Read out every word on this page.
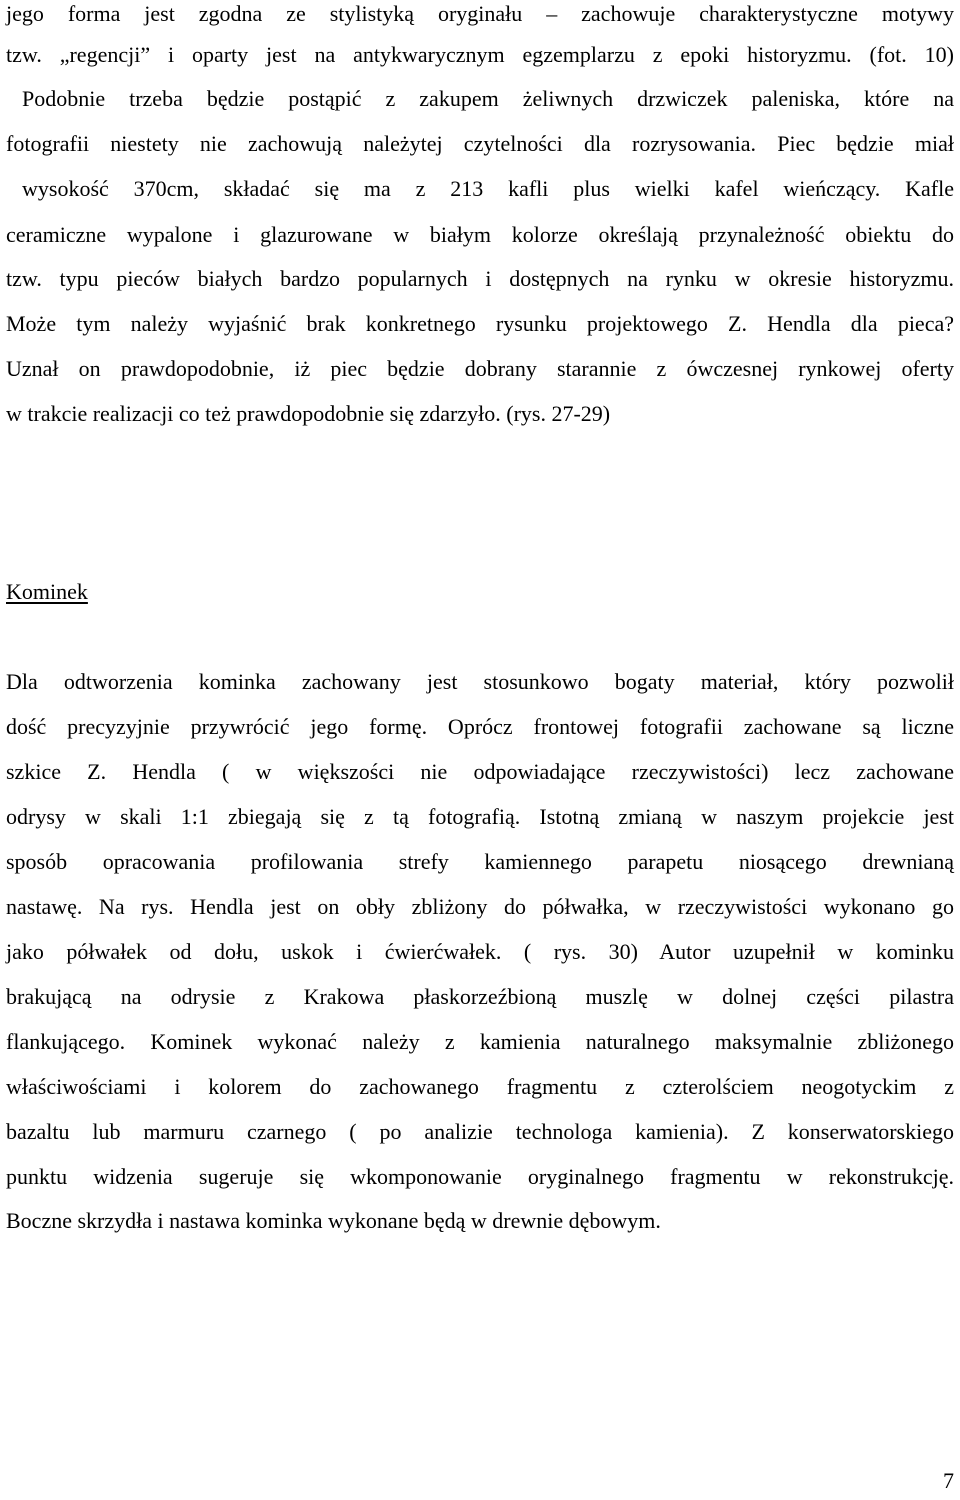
jego forma jest zgodna ze stylistyką oryginału – zachowuje charakterystyczne motywy
tzw. „regencji” i oparty jest na antykwarycznym egzemplarzu z epoki historyzmu. (fot. 10)
Podobnie trzeba będzie postąpić z zakupem żeliwnych drzwiczek paleniska, które na
fotografii niestety nie zachowują należytej czytelności dla rozrysowania. Piec będzie miał
wysokość 370cm, składać się ma z 213 kafli plus wielki kafel wieńczący. Kafle
ceramiczne wypalone i glazurowane w białym kolorze określają przynależność obiektu do
tzw. typu pieców białych bardzo popularnych i dostępnych na rynku w okresie historyzmu.
Może tym należy wyjaśnić brak konkretnego rysunku projektowego Z. Hendla dla pieca?
Uznał on prawdopodobnie, iż piec będzie dobrany starannie z ówczesnej rynkowej oferty
w trakcie realizacji co też prawdopodobnie się zdarzyło. (rys. 27-29)
Kominek
Dla odtworzenia kominka zachowany jest stosunkowo bogaty materiał, który pozwolił
dość precyzyjnie przywrócić jego formę. Oprócz frontowej fotografii zachowane są liczne
szkice Z. Hendla ( w większości nie odpowiadające rzeczywistości) lecz zachowane
odrysy w skali 1:1 zbiegają się z tą fotografią. Istotną zmianą w naszym projekcie jest
sposób opracowania profilowania strefy kamiennego parapetu niosącego drewnianą
nastawę. Na rys. Hendla jest on obły zbliżony do półwałka, w rzeczywistości wykonano go
jako półwałek od dołu, uskok i ćwierćwałek. ( rys. 30) Autor uzupełnił w kominku
brakującą na odrysie z Krakowa płaskorzeźbioną muszlę w dolnej części pilastra
flankującego. Kominek wykonać należy z kamienia naturalnego maksymalnie zbliżonego
właściwościami i kolorem do zachowanego fragmentu z czterolściem neogotyckim z
bazaltu lub marmuru czarnego ( po analizie technologa kamienia). Z konserwatorskiego
punktu widzenia sugeruje się wkomponowanie oryginalnego fragmentu w rekonstrukcję.
Boczne skrzydła i nastawa kominka wykonane będą w drewnie dębowym.
7
